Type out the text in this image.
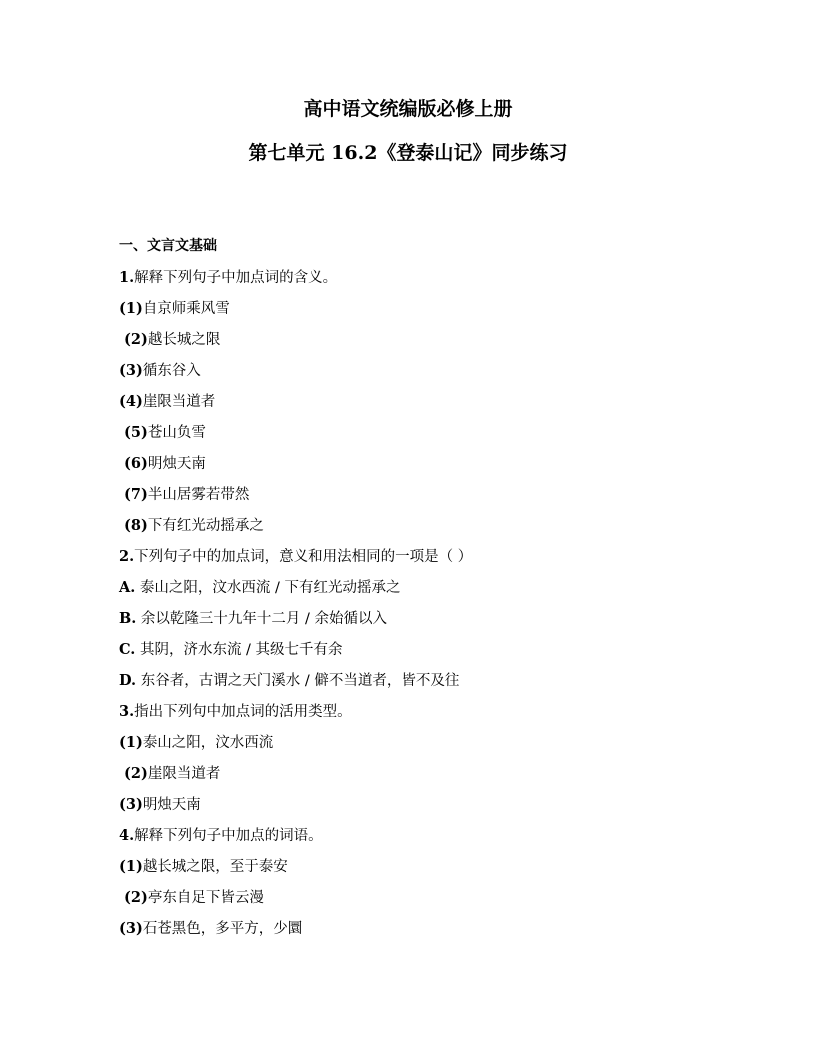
高中语文统编版必修上册
第七单元 16.2《登泰山记》同步练习
一、文言文基础
1.解释下列句子中加点词的含义。
(1)自京师乘风雪
(2)越长城之限
(3)循东谷入
(4)崖限当道者
(5)苍山负雪
(6)明烛天南
(7)半山居雾若带然
(8)下有红光动摇承之
2.下列句子中的加点词，意义和用法相同的一项是（ ）
A. 泰山之阳，汶水西流 / 下有红光动摇承之
B. 余以乾隆三十九年十二月 / 余始循以入
C. 其阴，济水东流 / 其级七千有余
D. 东谷者，古谓之天门溪水 / 僻不当道者，皆不及往
3.指出下列句中加点词的活用类型。
(1)泰山之阳，汶水西流
(2)崖限当道者
(3)明烛天南
4.解释下列句子中加点的词语。
(1)越长城之限，至于泰安
(2)亭东自足下皆云漫
(3)石苍黑色，多平方，少圜
